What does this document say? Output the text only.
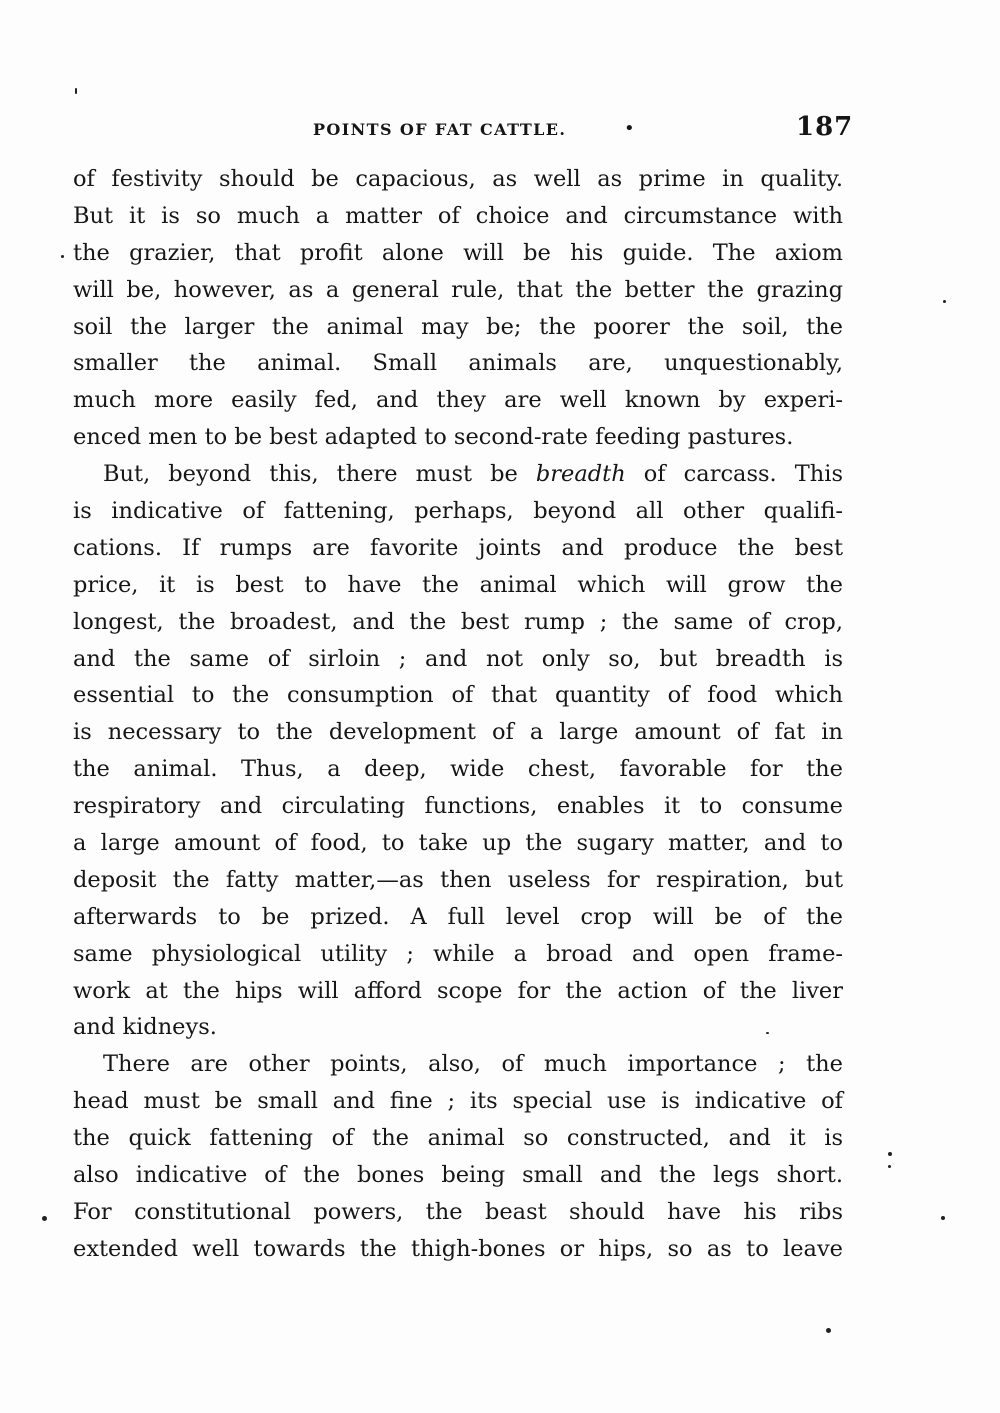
POINTS OF FAT CATTLE.	•	187
of festivity should be capacious, as well as prime in quality.
But it is so much a matter of choice and circumstance with
the grazier, that profit alone will be his guide. The axiom
will be, however, as a general rule, that the better the grazing
soil the larger the animal may be; the poorer the soil, the
smaller the animal. Small animals are, unquestionably,
much more easily fed, and they are well known by experi-
enced men to be best adapted to second-rate feeding pastures.
But, beyond this, there must be breadth of carcass. This
is indicative of fattening, perhaps, beyond all other qualifi-
cations. If rumps are favorite joints and produce the best
price, it is best to have the animal which will grow the
longest, the broadest, and the best rump ; the same of crop,
and the same of sirloin ; and not only so, but breadth is
essential to the consumption of that quantity of food which
is necessary to the development of a large amount of fat in
the animal. Thus, a deep, wide chest, favorable for the
respiratory and circulating functions, enables it to consume
a large amount of food, to take up the sugary matter, and to
deposit the fatty matter,—as then useless for respiration, but
afterwards to be prized. A full level crop will be of the
same physiological utility ; while a broad and open frame-
work at the hips will afford scope for the action of the liver
and kidneys.
There are other points, also, of much importance ; the
head must be small and fine ; its special use is indicative of
the quick fattening of the animal so constructed, and it is
also indicative of the bones being small and the legs short.
For constitutional powers, the beast should have his ribs
extended well towards the thigh-bones or hips, so as to leave
